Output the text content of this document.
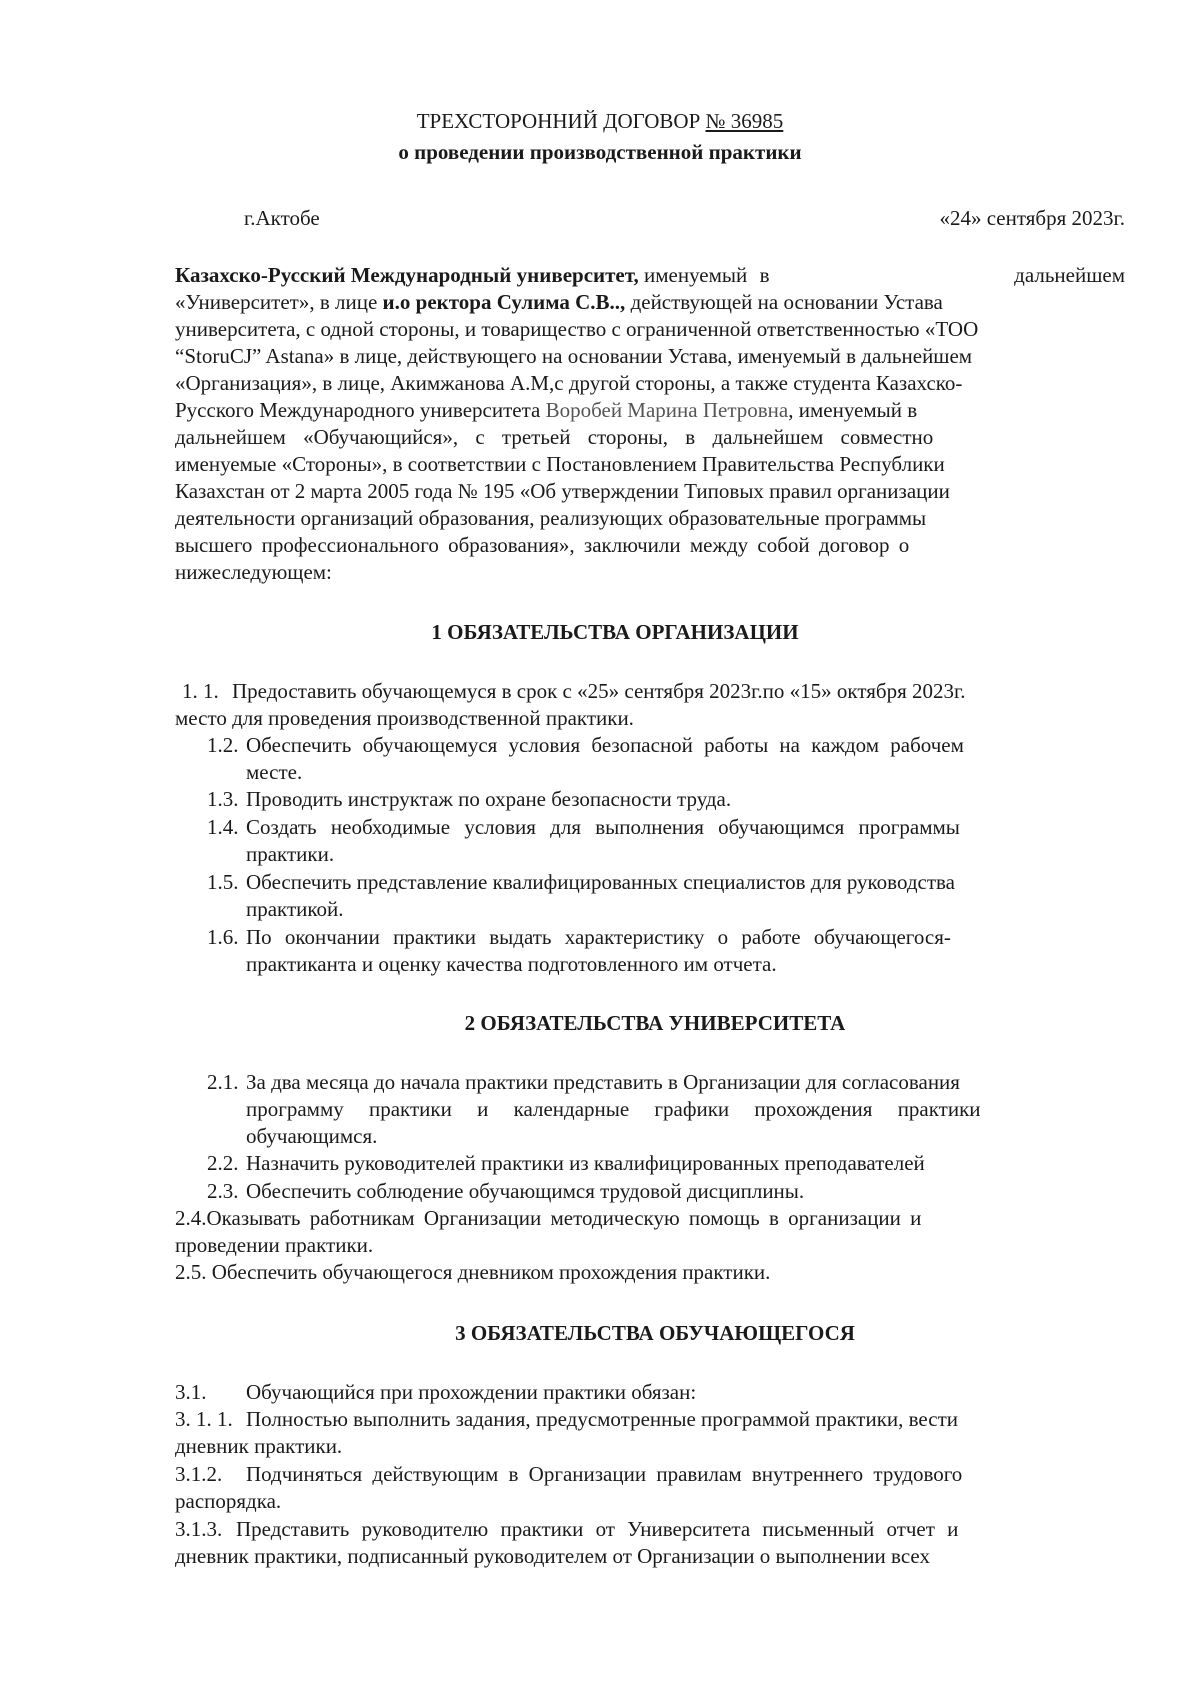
ТРЕХСТОРОННИЙ ДОГОВОР № 36985
о проведении производственной практики
г.Актобе	«24» сентября 2023г.
Казахско-Русский Международный университет, именуемый в	дальнейшем
«Университет», в лице и.о ректора Сулима С.В.., действующей на основании Устава
университета, с одной стороны, и товарищество с ограниченной ответственностью «ТОО
“StoruCJ” Astana» в лице, действующего на основании Устава, именуемый в дальнейшем
«Организация», в лице, Акимжанова А.М,с другой стороны, а также студента Казахско-
Русского Международного университета Воробей Марина Петровна, именуемый в
дальнейшем «Обучающийся», с третьей стороны, в дальнейшем совместно
именуемые «Стороны», в соответствии с Постановлением Правительства Республики
Казахстан от 2 марта 2005 года № 195 «Об утверждении Типовых правил организации
деятельности организаций образования, реализующих образовательные программы
высшего профессионального образования», заключили между собой договор о
нижеследующем:
1 ОБЯЗАТЕЛЬСТВА ОРГАНИЗАЦИИ
1. 1. Предоставить обучающемуся в срок с «25» сентября 2023г.по «15» октября 2023г.
место для проведения производственной практики.
1.2. Обеспечить обучающемуся условия безопасной работы на каждом рабочем
месте.
1.3. Проводить инструктаж по охране безопасности труда.
1.4. Создать необходимые условия для выполнения обучающимся программы
практики.
1.5. Обеспечить представление квалифицированных специалистов для руководства
практикой.
1.6. По окончании практики выдать характеристику о работе обучающегося-
практиканта и оценку качества подготовленного им отчета.
2 ОБЯЗАТЕЛЬСТВА УНИВЕРСИТЕТА
2.1. За два месяца до начала практики представить в Организации для согласования
программу практики и календарные графики прохождения практики
обучающимся.
2.2. Назначить руководителей практики из квалифицированных преподавателей
2.3. Обеспечить соблюдение обучающимся трудовой дисциплины.
2.4.Оказывать работникам Организации методическую помощь в организации и
проведении практики.
2.5. Обеспечить обучающегося дневником прохождения практики.
3 ОБЯЗАТЕЛЬСТВА ОБУЧАЮЩЕГОСЯ
3.1. Обучающийся при прохождении практики обязан:
3. 1. 1. Полностью выполнить задания, предусмотренные программой практики, вести
дневник практики.
3.1.2. Подчиняться действующим в Организации правилам внутреннего трудового
распорядка.
3.1.3. Представить руководителю практики от Университета письменный отчет и
дневник практики, подписанный руководителем от Организации о выполнении всех
